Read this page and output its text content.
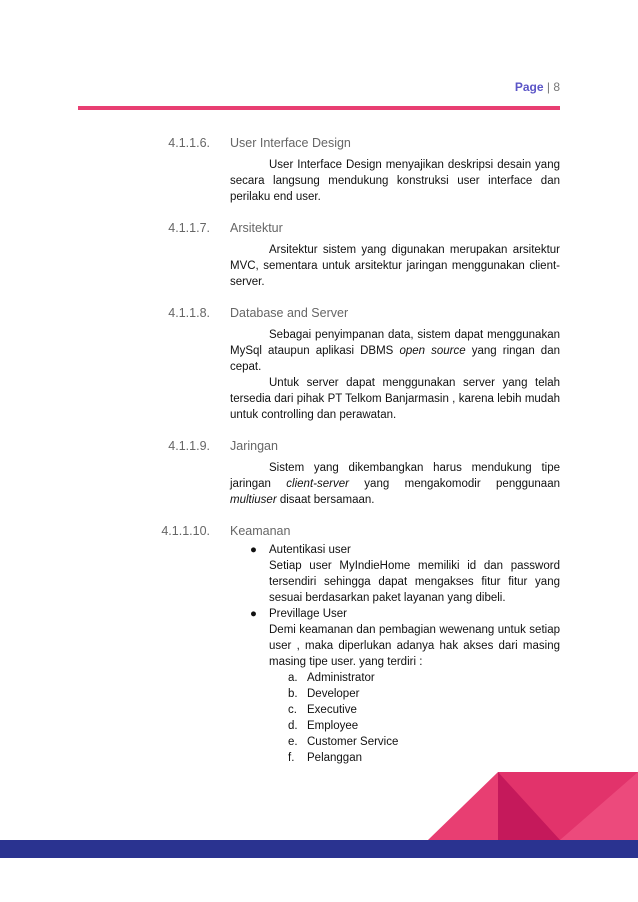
Page | 8
4.1.1.6. User Interface Design
User Interface Design menyajikan deskripsi desain yang secara langsung mendukung konstruksi user interface dan perilaku end user.
4.1.1.7. Arsitektur
Arsitektur sistem yang digunakan merupakan arsitektur MVC, sementara untuk arsitektur jaringan menggunakan client-server.
4.1.1.8. Database and Server
Sebagai penyimpanan data, sistem dapat menggunakan MySql ataupun aplikasi DBMS open source yang ringan dan cepat.
Untuk server dapat menggunakan server yang telah tersedia dari pihak PT Telkom Banjarmasin , karena lebih mudah untuk controlling dan perawatan.
4.1.1.9. Jaringan
Sistem yang dikembangkan harus mendukung tipe jaringan client-server yang mengakomodir penggunaan multiuser disaat bersamaan.
4.1.1.10. Keamanan
● Autentikasi user
Setiap user MyIndieHome memiliki id dan password tersendiri sehingga dapat mengakses fitur fitur yang sesuai berdasarkan paket layanan yang dibeli.
● Previllage User
Demi keamanan dan pembagian wewenang untuk setiap user , maka diperlukan adanya hak akses dari masing masing tipe user. yang terdiri :
a. Administrator
b. Developer
c. Executive
d. Employee
e. Customer Service
f. Pelanggan
